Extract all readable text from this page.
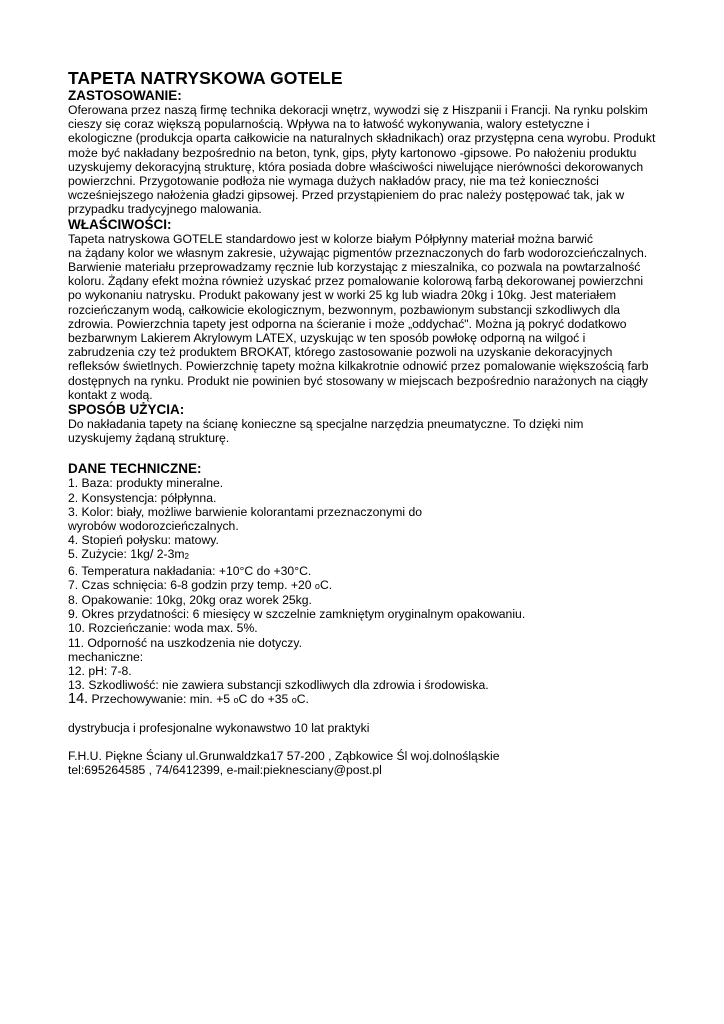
TAPETA NATRYSKOWA GOTELE
ZASTOSOWANIE:

Oferowana przez naszą firmę technika dekoracji wnętrz, wywodzi się z Hiszpanii i Francji. Na rynku polskim
cieszy się coraz większą popularnością. Wpływa na to łatwość wykonywania, walory estetyczne i
ekologiczne (produkcja oparta całkowicie na naturalnych składnikach) oraz przystępna cena wyrobu. Produkt
może być nakładany bezpośrednio na beton, tynk, gips, płyty kartonowo -gipsowe. Po nałożeniu produktu
uzyskujemy dekoracyjną strukturę, która posiada dobre właściwości niwelujące nierówności dekorowanych
powierzchni. Przygotowanie podłoża nie wymaga dużych nakładów pracy, nie ma też konieczności
wcześniejszego nałożenia gładzi gipsowej. Przed przystąpieniem do prac należy postępować tak, jak w
przypadku tradycyjnego malowania.

WŁAŚCIWOŚCI:

Tapeta natryskowa GOTELE standardowo jest w kolorze białym Półpłynny materiał można barwić
na żądany kolor we własnym zakresie, używając pigmentów przeznaczonych do farb wodorozcieńczalnych.
Barwienie materiału przeprowadzamy ręcznie lub korzystając z mieszalnika, co pozwala na powtarzalność
koloru. Żądany efekt można również uzyskać przez pomalowanie kolorową farbą dekorowanej powierzchni
po wykonaniu natrysku. Produkt pakowany jest w worki 25 kg lub wiadra 20kg i 10kg. Jest materiałem
rozcieńczanym wodą, całkowicie ekologicznym, bezwonnym, pozbawionym substancji szkodliwych dla
zdrowia. Powierzchnia tapety jest odporna na ścieranie i może „oddychać". Można ją pokryć dodatkowo
bezbarwnym Lakierem Akrylowym LATEX, uzyskując w ten sposób powłokę odporną na wilgoć i
zabrudzenia czy też produktem BROKAT, którego zastosowanie pozwoli na uzyskanie dekoracyjnych
refleksów świetlnych. Powierzchnię tapety można kilkakrotnie odnowić przez pomalowanie większością farb
dostępnych na rynku. Produkt nie powinien być stosowany w miejscach bezpośrednio narażonych na ciągły
kontakt z wodą.

SPOSÓB UŻYCIA:

Do nakładania tapety na ścianę konieczne są specjalne narzędzia pneumatyczne. To dzięki nim
uzyskujemy żądaną strukturę.

DANE TECHNICZNE:
1. Baza: produkty mineralne.
2. Konsystencja: półpłynna.
3. Kolor: biały, możliwe barwienie kolorantami przeznaczonymi do
wyrobów wodorozcieńczalnych.
4. Stopień połysku: matowy.
5. Zużycie: 1kg/ 2-3m2
6. Temperatura nakładania: +10°C do +30°C.
7. Czas schnięcia: 6-8 godzin przy temp. +20 oC.
8. Opakowanie: 10kg, 20kg oraz worek 25kg.
9. Okres przydatności: 6 miesięcy w szczelnie zamkniętym oryginalnym opakowaniu.
10. Rozcieńczanie: woda max. 5%.
11. Odporność na uszkodzenia nie dotyczy.
mechaniczne:
12. pH: 7-8.
13. Szkodliwość: nie zawiera substancji szkodliwych dla zdrowia i środowiska.
14. Przechowywanie: min. +5 oC do +35 oC.
dystrybucja i profesjonalne wykonawstwo 10 lat praktyki
F.H.U. Piękne Ściany ul.Grunwaldzka17 57-200 , Ząbkowice Śl woj.dolnośląskie
tel:695264585 , 74/6412399, e-mail:pieknesciany@post.pl
